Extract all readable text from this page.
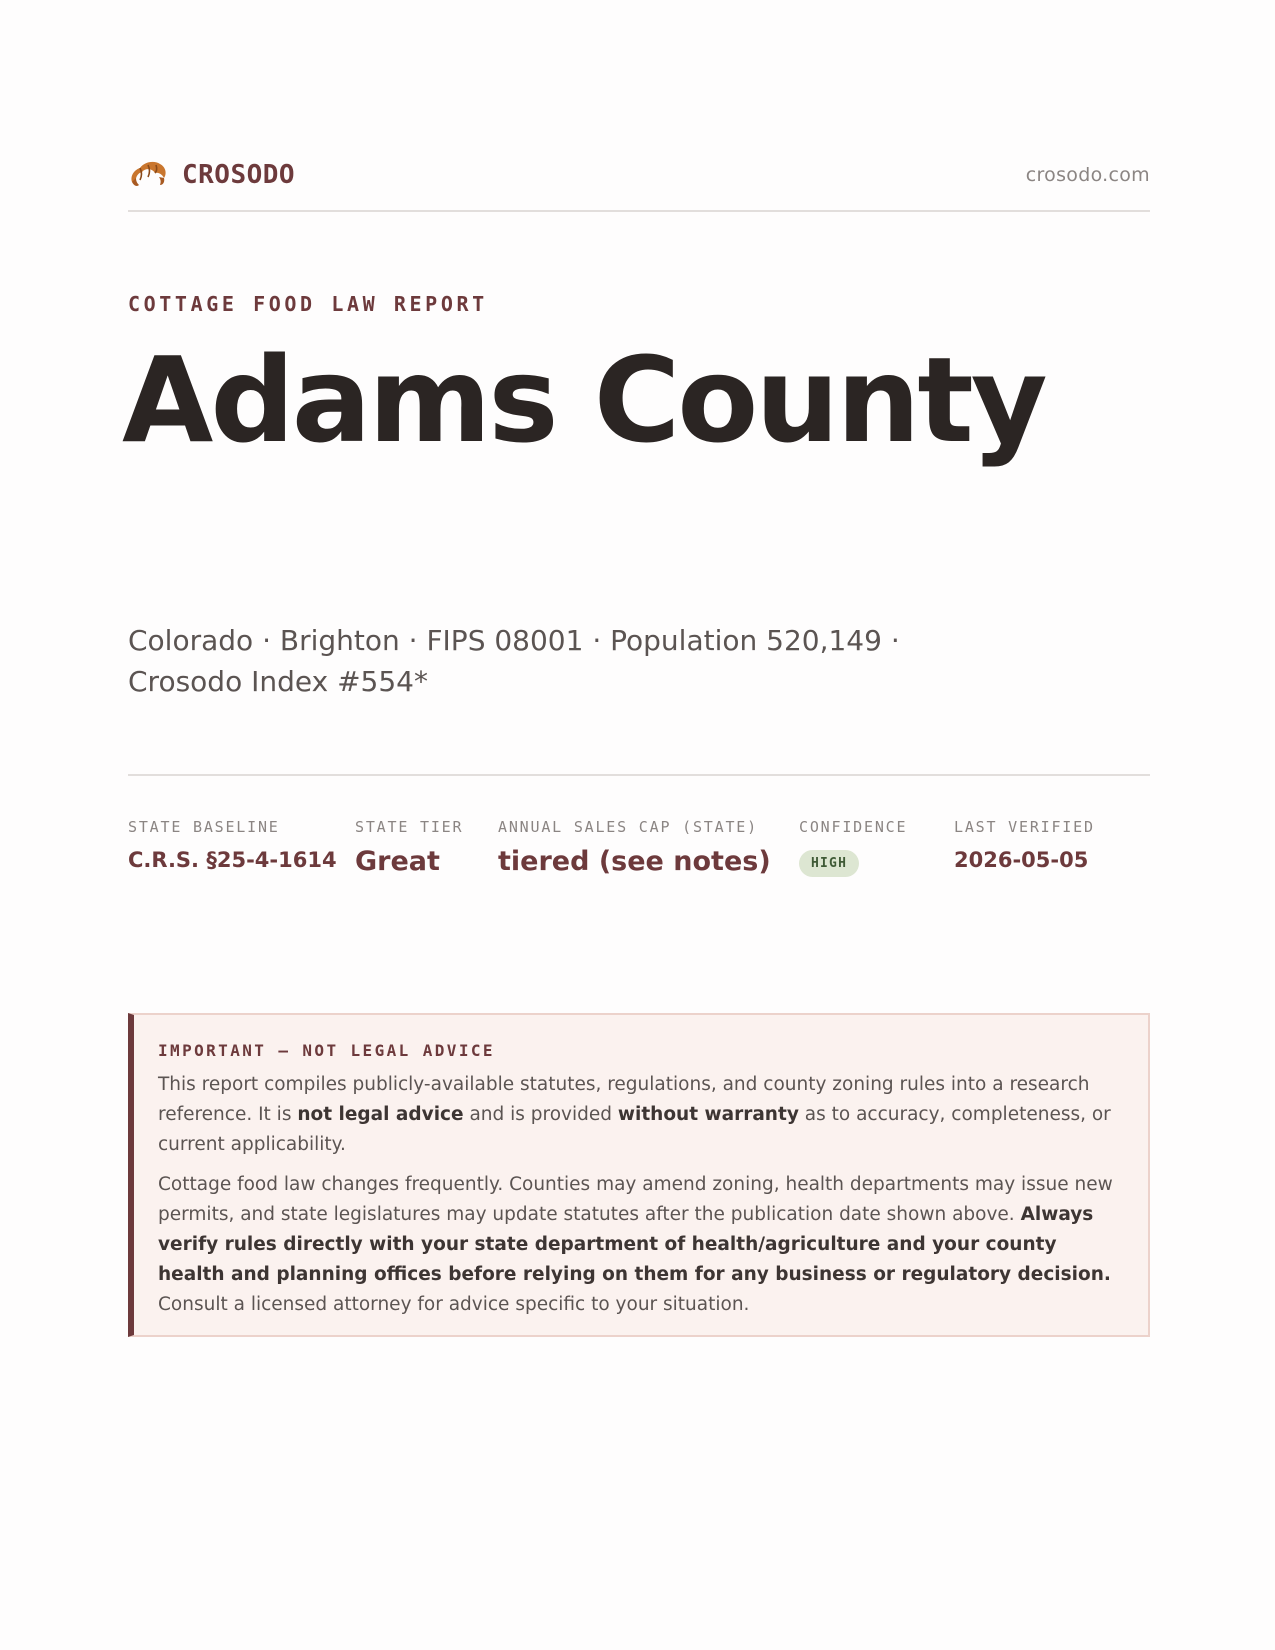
CROSODO	crosodo.com
COTTAGE FOOD LAW REPORT
Adams County
Colorado · Brighton · FIPS 08001 · Population 520,149 ·
Crosodo Index #554*
STATE BASELINE
C.R.S. §25-4-1614
STATE TIER
Great
ANNUAL SALES CAP (STATE)
tiered (see notes)
CONFIDENCE
HIGH
LAST VERIFIED
2026-05-05
IMPORTANT — NOT LEGAL ADVICE

This report compiles publicly-available statutes, regulations, and county zoning rules into a research reference. It is not legal advice and is provided without warranty as to accuracy, completeness, or current applicability.

Cottage food law changes frequently. Counties may amend zoning, health departments may issue new permits, and state legislatures may update statutes after the publication date shown above. Always verify rules directly with your state department of health/agriculture and your county health and planning offices before relying on them for any business or regulatory decision. Consult a licensed attorney for advice specific to your situation.
